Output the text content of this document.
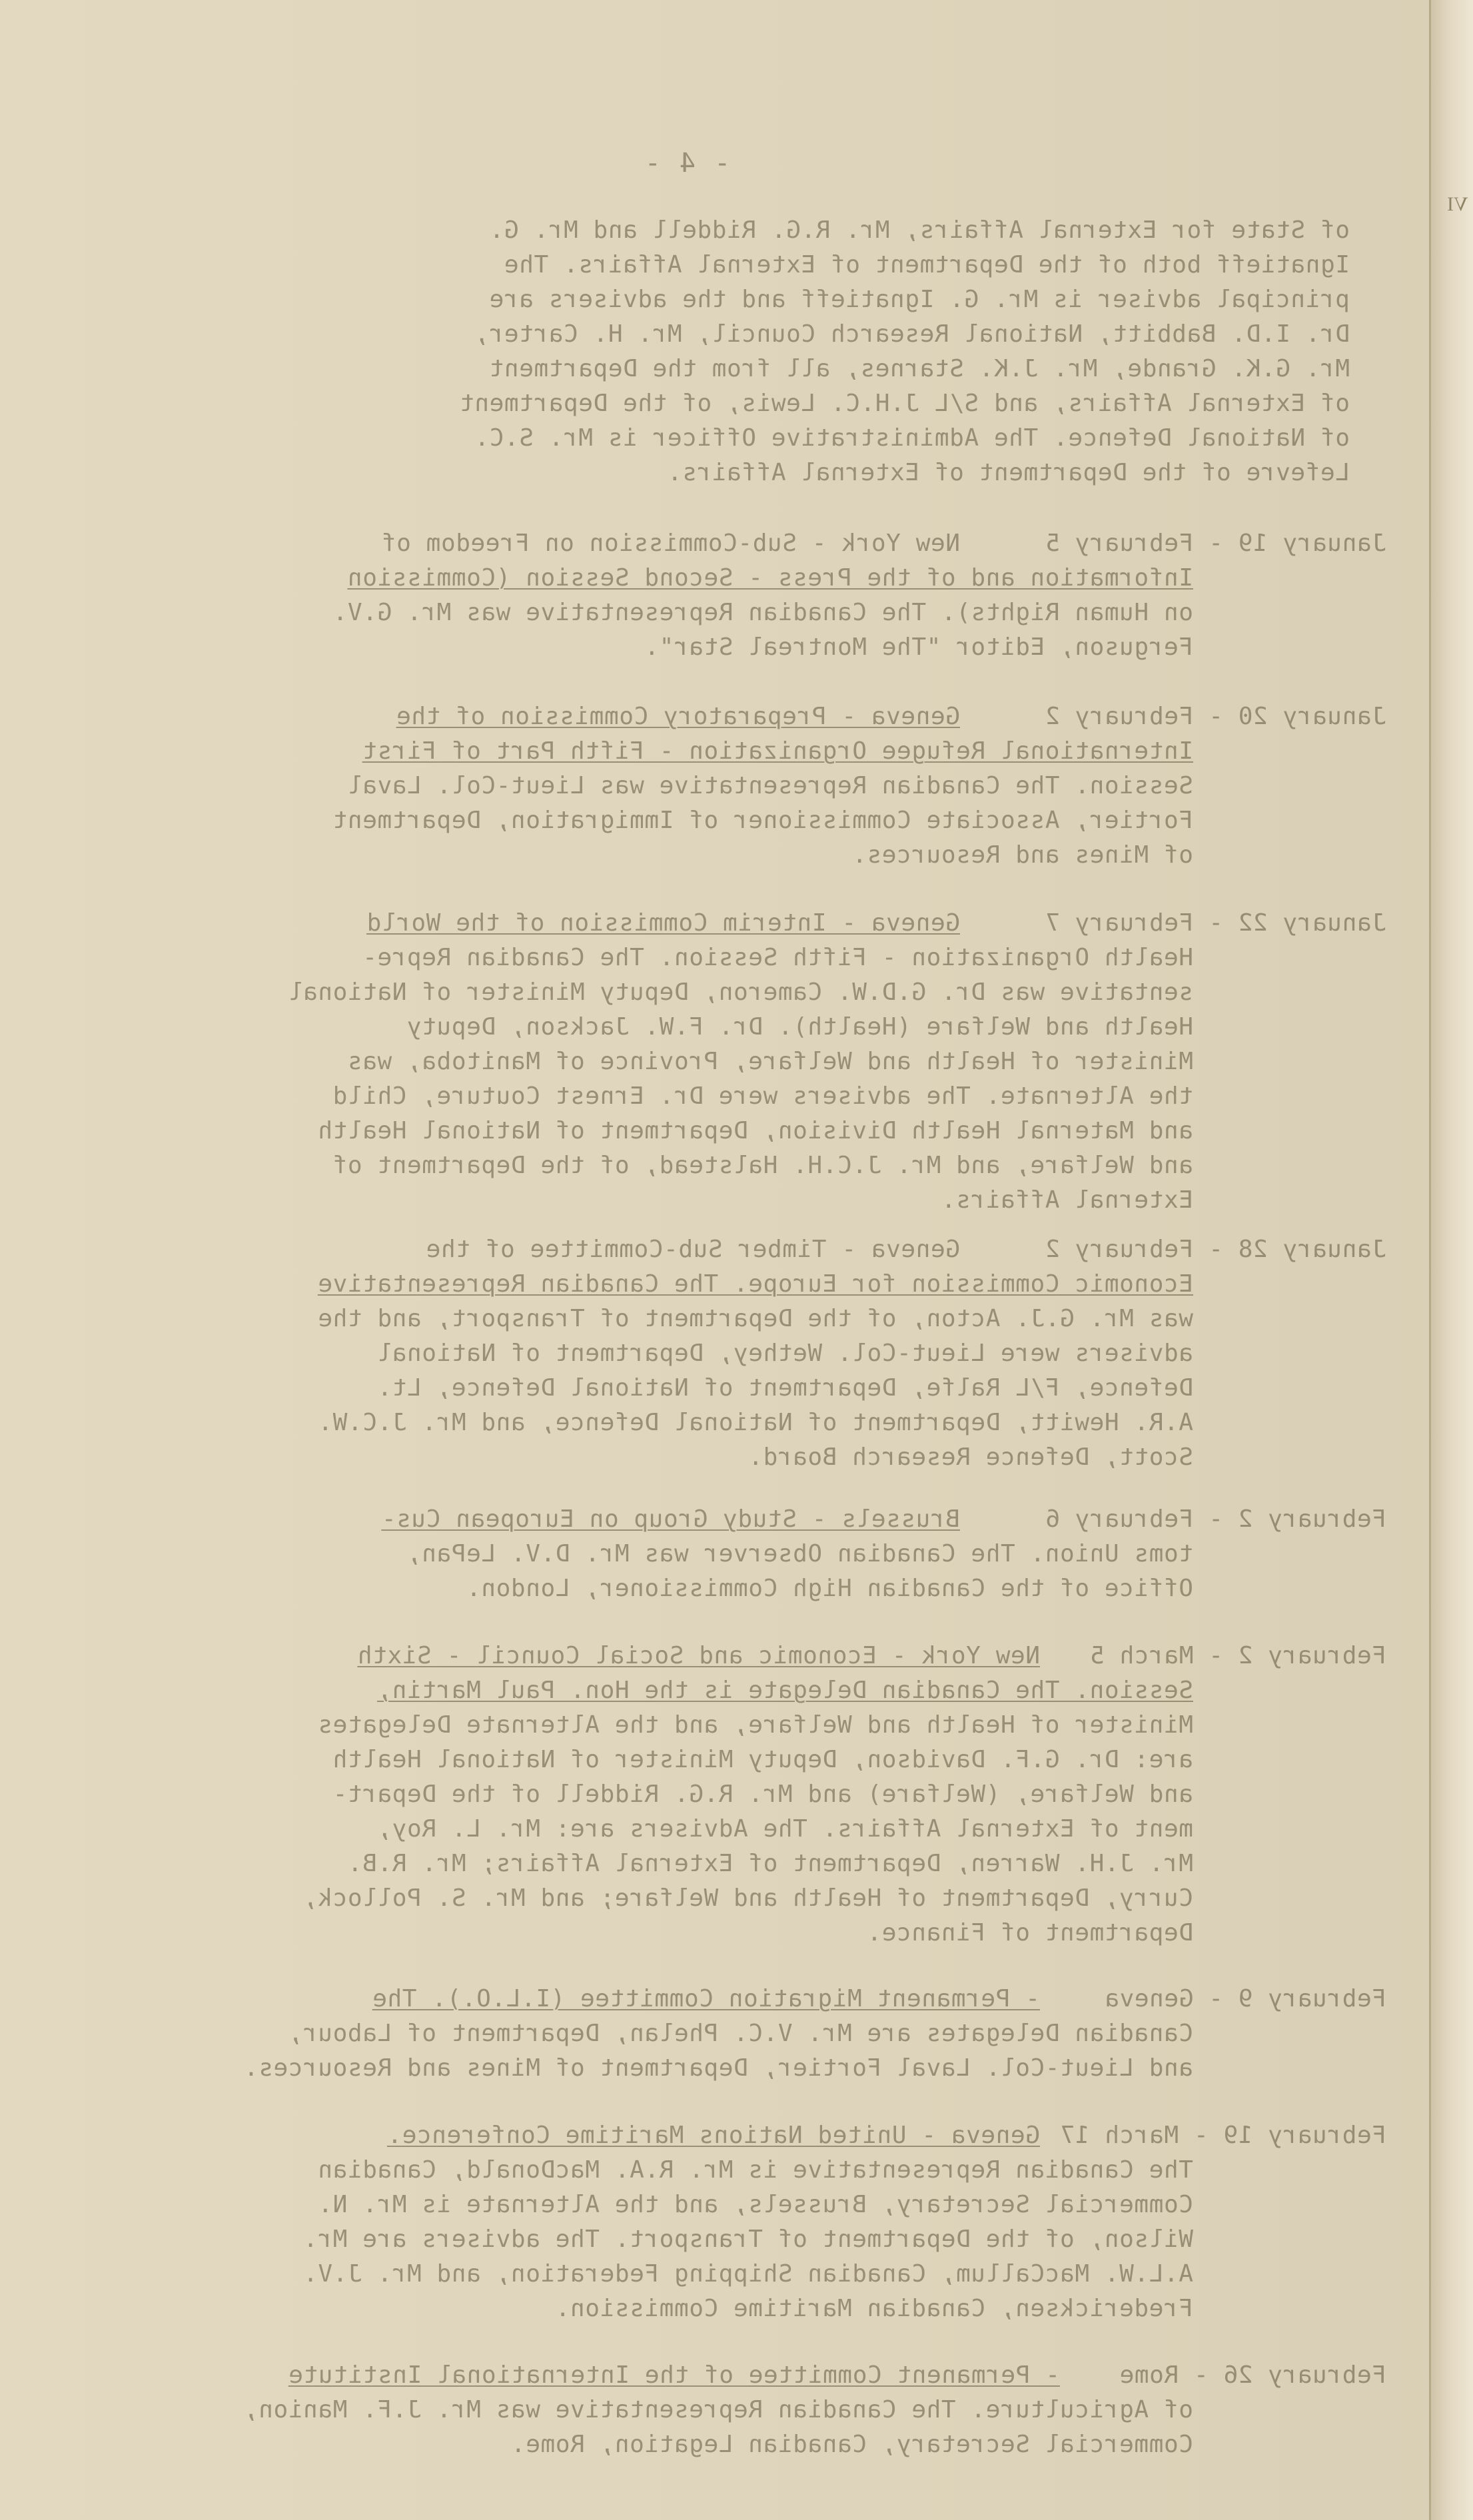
VI
- 4 -
of State for External Affairs, Mr. R.G. Riddell and Mr. G.
Ignatieff both of the Department of External Affairs. The
principal adviser is Mr. G. Ignatieff and the advisers are
Dr. I.D. Babbitt, National Research Council, Mr. H. Carter,
Mr. G.K. Grande, Mr. J.K. Starnes, all from the Department
of External Affairs, and S/L J.H.C. Lewis, of the Department
of National Defence. The Administrative Officer is Mr. S.C.
Lefevre of the Department of External Affairs.
January 19 - February 5
New York - Sub-Commission on Freedom of
Information and of the Press - Second Session (Commission
on Human Rights). The Canadian Representative was Mr. G.V.
Ferguson, Editor "The Montreal Star".
January 20 - February 2
Geneva - Preparatory Commission of the
International Refugee Organization - Fifth Part of First
Session. The Canadian Representative was Lieut-Col. Laval
Fortier, Associate Commissioner of Immigration, Department
of Mines and Resources.
January 22 - February 7
Geneva - Interim Commission of the World
Health Organization - Fifth Session. The Canadian Repre-
sentative was Dr. G.D.W. Cameron, Deputy Minister of National
Health and Welfare (Health). Dr. F.W. Jackson, Deputy
Minister of Health and Welfare, Province of Manitoba, was
the Alternate. The advisers were Dr. Ernest Couture, Child
and Maternal Health Division, Department of National Health
and Welfare, and Mr. J.C.H. Halstead, of the Department of
External Affairs.
January 28 - February 2
Geneva - Timber Sub-Committee of the
Economic Commission for Europe. The Canadian Representative
was Mr. G.J. Acton, of the Department of Transport, and the
advisers were Lieut-Col. Wethey, Department of National
Defence, F/L Ralfe, Department of National Defence, Lt.
A.R. Hewitt, Department of National Defence, and Mr. J.C.W.
Scott, Defence Research Board.
February 2 - February 6
Brussels - Study Group on European Cus-
toms Union. The Canadian Observer was Mr. D.V. LePan,
Office of the Canadian High Commissioner, London.
February 2 - March 5
New York - Economic and Social Council - Sixth
Session. The Canadian Delegate is the Hon. Paul Martin,
Minister of Health and Welfare, and the Alternate Delegates
are: Dr. G.F. Davidson, Deputy Minister of National Health
and Welfare, (Welfare) and Mr. R.G. Riddell of the Depart-
ment of External Affairs. The Advisers are: Mr. L. Roy,
Mr. J.H. Warren, Department of External Affairs; Mr. R.B.
Curry, Department of Health and Welfare; and Mr. S. Pollock,
Department of Finance.
February 9 - Geneva
- Permanent Migration Committee (I.L.O.). The
Canadian Delegates are Mr. V.C. Phelan, Department of Labour,
and Lieut-Col. Laval Fortier, Department of Mines and Resources.
February 19 - March 17
Geneva - United Nations Maritime Conference.
The Canadian Representative is Mr. R.A. MacDonald, Canadian
Commercial Secretary, Brussels, and the Alternate is Mr. N.
Wilson, of the Department of Transport. The advisers are Mr.
A.L.W. MacCallum, Canadian Shipping Federation, and Mr. J.V.
Fredericksen, Canadian Maritime Commission.
February 26 - Rome
- Permanent Committee of the International Institute
of Agriculture. The Canadian Representative was Mr. J.F. Manion,
Commercial Secretary, Canadian Legation, Rome.
